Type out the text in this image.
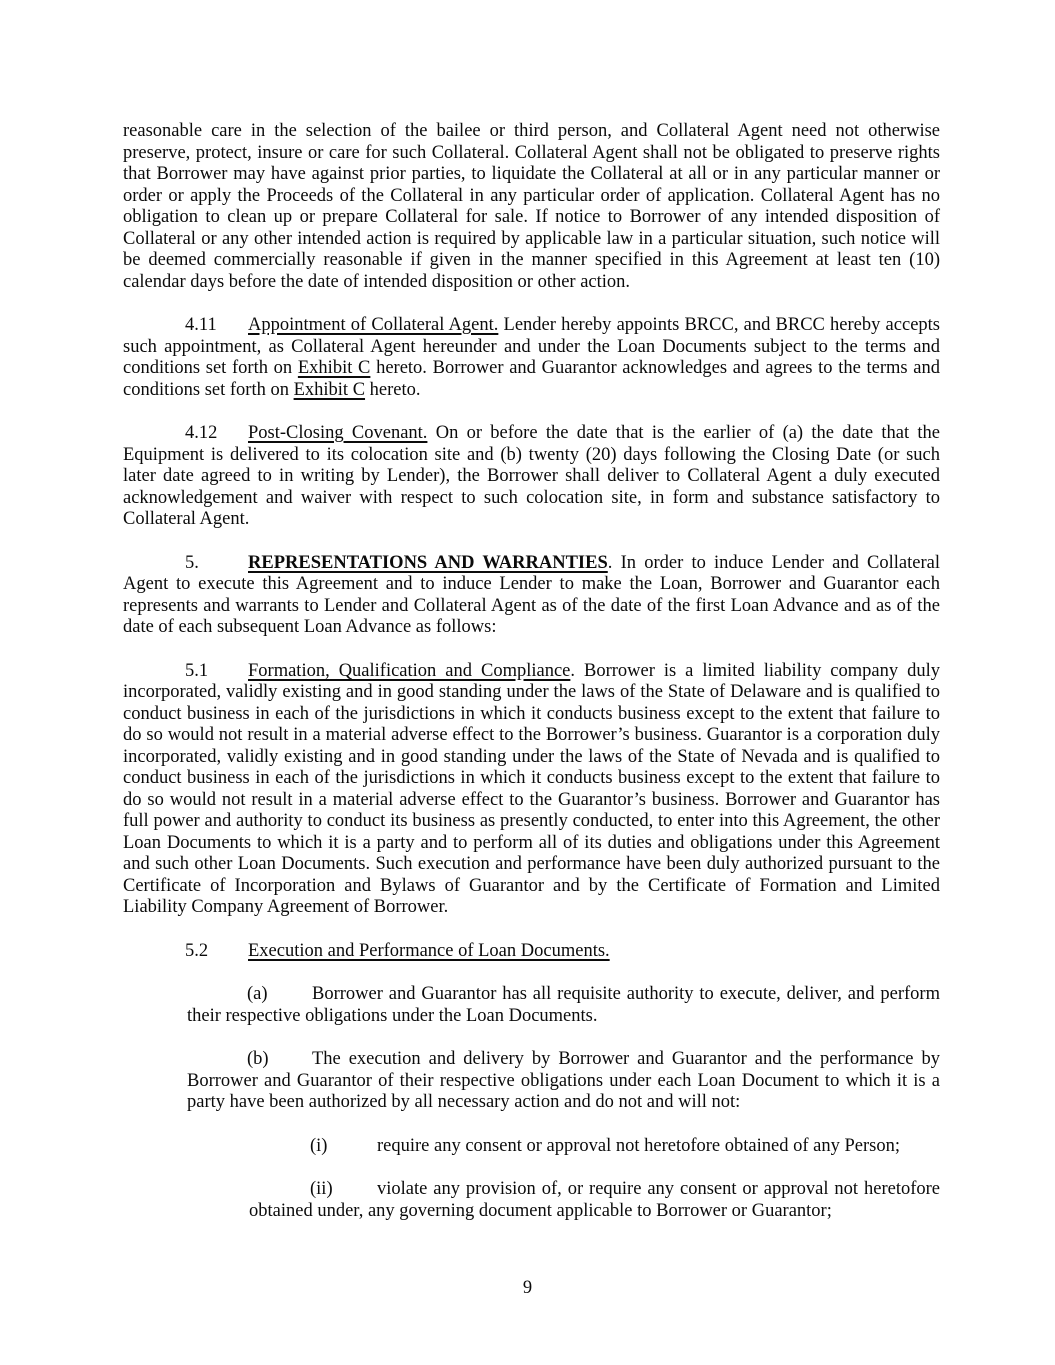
reasonable care in the selection of the bailee or third person, and Collateral Agent need not otherwise preserve, protect, insure or care for such Collateral. Collateral Agent shall not be obligated to preserve rights that Borrower may have against prior parties, to liquidate the Collateral at all or in any particular manner or order or apply the Proceeds of the Collateral in any particular order of application. Collateral Agent has no obligation to clean up or prepare Collateral for sale. If notice to Borrower of any intended disposition of Collateral or any other intended action is required by applicable law in a particular situation, such notice will be deemed commercially reasonable if given in the manner specified in this Agreement at least ten (10) calendar days before the date of intended disposition or other action.

4.11 Appointment of Collateral Agent. Lender hereby appoints BRCC, and BRCC hereby accepts such appointment, as Collateral Agent hereunder and under the Loan Documents subject to the terms and conditions set forth on Exhibit C hereto. Borrower and Guarantor acknowledges and agrees to the terms and conditions set forth on Exhibit C hereto.

4.12 Post-Closing Covenant. On or before the date that is the earlier of (a) the date that the Equipment is delivered to its colocation site and (b) twenty (20) days following the Closing Date (or such later date agreed to in writing by Lender), the Borrower shall deliver to Collateral Agent a duly executed acknowledgement and waiver with respect to such colocation site, in form and substance satisfactory to Collateral Agent.

5.	REPRESENTATIONS AND WARRANTIES. In order to induce Lender and Collateral Agent to execute this Agreement and to induce Lender to make the Loan, Borrower and Guarantor each represents and warrants to Lender and Collateral Agent as of the date of the first Loan Advance and as of the date of each subsequent Loan Advance as follows:

5.1 Formation, Qualification and Compliance. Borrower is a limited liability company duly incorporated, validly existing and in good standing under the laws of the State of Delaware and is qualified to conduct business in each of the jurisdictions in which it conducts business except to the extent that failure to do so would not result in a material adverse effect to the Borrower’s business. Guarantor is a corporation duly incorporated, validly existing and in good standing under the laws of the State of Nevada and is qualified to conduct business in each of the jurisdictions in which it conducts business except to the extent that failure to do so would not result in a material adverse effect to the Guarantor’s business. Borrower and Guarantor has full power and authority to conduct its business as presently conducted, to enter into this Agreement, the other Loan Documents to which it is a party and to perform all of its duties and obligations under this Agreement and such other Loan Documents. Such execution and performance have been duly authorized pursuant to the Certificate of Incorporation and Bylaws of Guarantor and by the Certificate of Formation and Limited Liability Company Agreement of Borrower.

5.2 Execution and Performance of Loan Documents.

(a) Borrower and Guarantor has all requisite authority to execute, deliver, and perform their respective obligations under the Loan Documents.

(b) The execution and delivery by Borrower and Guarantor and the performance by Borrower and Guarantor of their respective obligations under each Loan Document to which it is a party have been authorized by all necessary action and do not and will not:

(i)	require any consent or approval not heretofore obtained of any Person;

(ii) violate any provision of, or require any consent or approval not heretofore obtained under, any governing document applicable to Borrower or Guarantor;

9
